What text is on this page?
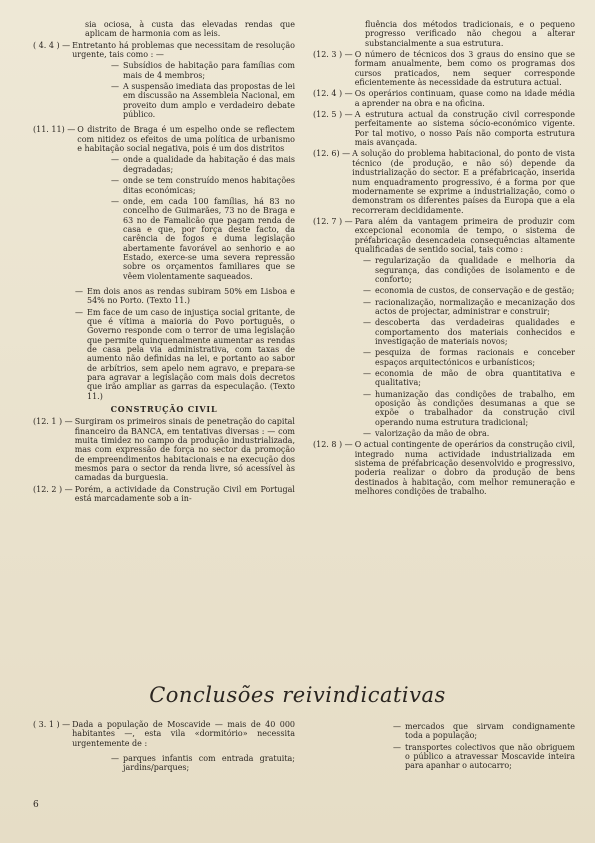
sia ociosa, à custa das elevadas rendas que aplicam de harmonia com as leis.
( 4. 4 ) — Entretanto há problemas que necessitam de resolução urgente, tais como : —
— Subsídios de habitação para famílias com mais de 4 membros;
— A suspensão imediata das propostas de lei em discussão na Assembleia Nacional, em proveito dum amplo e verdadeiro debate público.
(11. 11) — O distrito de Braga é um espelho onde se reflectem com nitidez os efeitos de uma política de urbanismo e habitação social negativa, pois é um dos distritos
— onde a qualidade da habitação é das mais degradadas;
— onde se tem construído menos habitações ditas económicas;
— onde, em cada 100 famílias, há 83 no concelho de Guimarães, 73 no de Braga e 63 no de Famalicão que pagam renda de casa e que, por força deste facto, da carência de fogos e duma legislação abertamente favorável ao senhorio e ao Estado, exerce-se uma severa repressão sobre os orçamentos familiares que se vêem violentamente saqueados.
— Em dois anos as rendas subiram 50% em Lisboa e 54% no Porto. (Texto 11.)
— Em face de um caso de injustiça social gritante, de que é vítima a maioria do Povo português, o Governo responde com o terror de uma legislação que permite quinquenalmente aumentar as rendas de casa pela via administrativa, com taxas de aumento não definidas na lei, e portanto ao sabor de arbítrios, sem apelo nem agravo, e prepara-se para agravar a legislação com mais dois decretos que irão ampliar as garras da especulação. (Texto 11.)
CONSTRUÇÃO CIVIL
(12. 1 ) — Surgiram os primeiros sinais de penetração do capital financeiro da BANCA, em tentativas diversas : — com muita timidez no campo da produção industrializada, mas com expressão de força no sector da promoção de empreendimentos habitacionais e na execução dos mesmos para o sector da renda livre, só acessível às camadas da burguesia.
(12. 2 ) — Porém, a actividade da Construção Civil em Portugal está marcadamente sob a in-
fluência dos métodos tradicionais, e o pequeno progresso verificado não chegou a alterar substancialmente a sua estrutura.
(12. 3 ) — O número de técnicos dos 3 graus do ensino que se formam anualmente, bem como os programas dos cursos praticados, nem sequer corresponde eficientemente às necessidade da estrutura actual.
(12. 4 ) — Os operários continuam, quase como na idade média a aprender na obra e na oficina.
(12. 5 ) — A estrutura actual da construção civil corresponde perfeitamente ao sistema sócio-económico vigente. Por tal motivo, o nosso País não comporta estrutura mais avançada.
(12. 6) — A solução do problema habitacional, do ponto de vista técnico (de produção, e não só) depende da industrialização do sector. E a préfabricação, inserida num enquadramento progressivo, é a forma por que modernamente se exprime a industrialização, como o demonstram os diferentes países da Europa que a ela recorreram decididamente.
(12. 7 ) — Para além da vantagem primeira de produzir com excepcional economia de tempo, o sistema de préfabricação desencadeia consequências altamente qualificadas de sentido social, tais como :
— regularização da qualidade e melhoria da segurança, das condições de isolamento e de conforto;
— economia de custos, de conservação e de gestão;
— racionalização, normalização e mecanização dos actos de projectar, administrar e construir;
— descoberta das verdadeiras qualidades e comportamento dos materiais conhecidos e investigação de materiais novos;
— pesquiza de formas racionais e conceber espaços arquitectónicos e urbanísticos;
— economia de mão de obra quantitativa e qualitativa;
— humanização das condições de trabalho, em oposição às condições desumanas a que se expõe o trabalhador da construção civil operando numa estrutura tradicional;
— valorização da mão de obra.
(12. 8 ) — O actual contingente de operários da construção civil, integrado numa actividade industrializada em sistema de préfabricação desenvolvido e progressivo, poderia realizar o dobro da produção de bens destinados à habitação, com melhor remuneração e melhores condições de trabalho.
Conclusões reivindicativas
( 3. 1 ) — Dada a população de Moscavide — mais de 40 000 habitantes —, esta vila «dormitório» necessita urgentemente de :
— parques infantis com entrada gratuita; jardins/parques;
— mercados que sirvam condignamente toda a população;
— transportes colectivos que não obriguem o público a atravessar Moscavide inteira para apanhar o autocarro;
6
